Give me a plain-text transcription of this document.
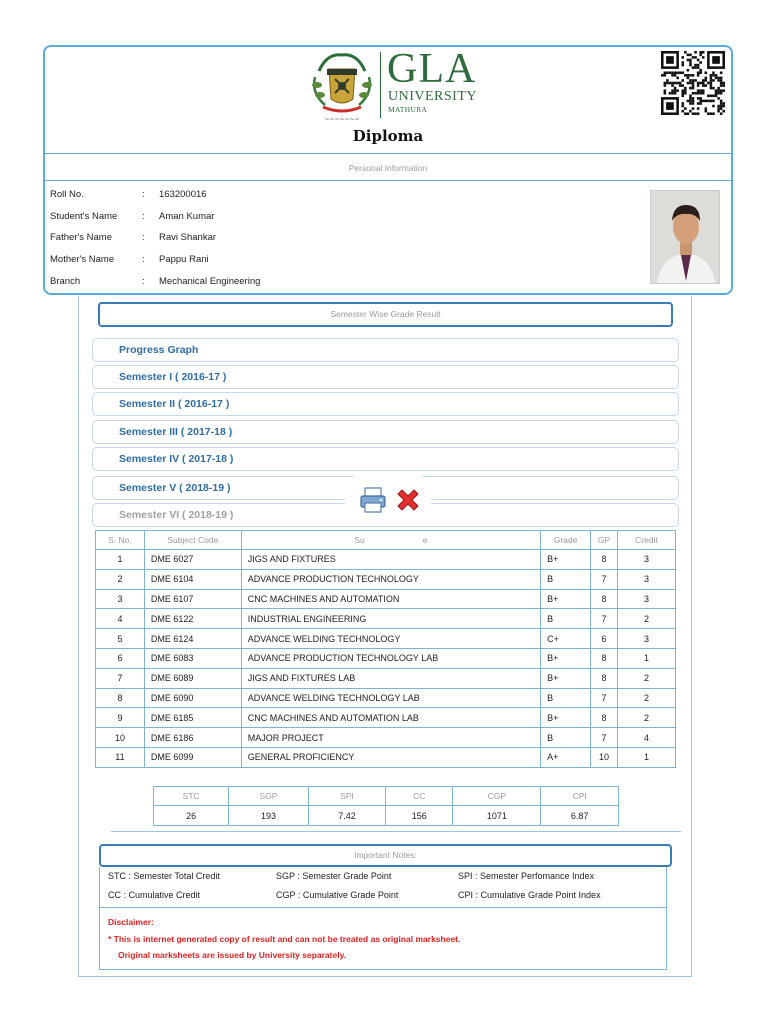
~~~~~~~
GLA
UNIVERSITY
MATHURA
Diploma
Personal Information
Roll No.	: 163200016
Student's Name	: Aman Kumar
Father's Name	: Ravi Shankar
Mother's Name	: Pappu Rani
Branch	: Mechanical Engineering
Semester Wise Grade Result
Progress Graph
Semester I ( 2016-17 )
Semester II ( 2016-17 )
Semester III ( 2017-18 )
Semester IV ( 2017-18 )
Semester V ( 2018-19 )
Semester VI ( 2018-19 )
S. No.	Subject Code	Su e	Grade	GP	Credit
1	DME 6027	JIGS AND FIXTURES	B+	8	3
2	DME 6104	ADVANCE PRODUCTION TECHNOLOGY	B	7	3
3	DME 6107	CNC MACHINES AND AUTOMATION	B+	8	3
4	DME 6122	INDUSTRIAL ENGINEERING	B	7	2
5	DME 6124	ADVANCE WELDING TECHNOLOGY	C+	6	3
6	DME 6083	ADVANCE PRODUCTION TECHNOLOGY LAB	B+	8	1
7	DME 6089	JIGS AND FIXTURES LAB	B+	8	2
8	DME 6090	ADVANCE WELDING TECHNOLOGY LAB	B	7	2
9	DME 6185	CNC MACHINES AND AUTOMATION LAB	B+	8	2
10	DME 6186	MAJOR PROJECT	B	7	4
11	DME 6099	GENERAL PROFICIENCY	A+	10	1
STC	SGP	SPI	CC	CGP	CPI
26	193	7.42	156	1071	6.87
STC : Semester Total Credit	SGP : Semester Grade Point	SPI : Semester Perfomance Index
CC : Cumulative Credit	CGP : Cumulative Grade Point	CPI : Cumulative Grade Point Index
Disclaimer:
* This is internet generated copy of result and can not be treated as original marksheet.
Original marksheets are issued by University separately.
Important Notes:
